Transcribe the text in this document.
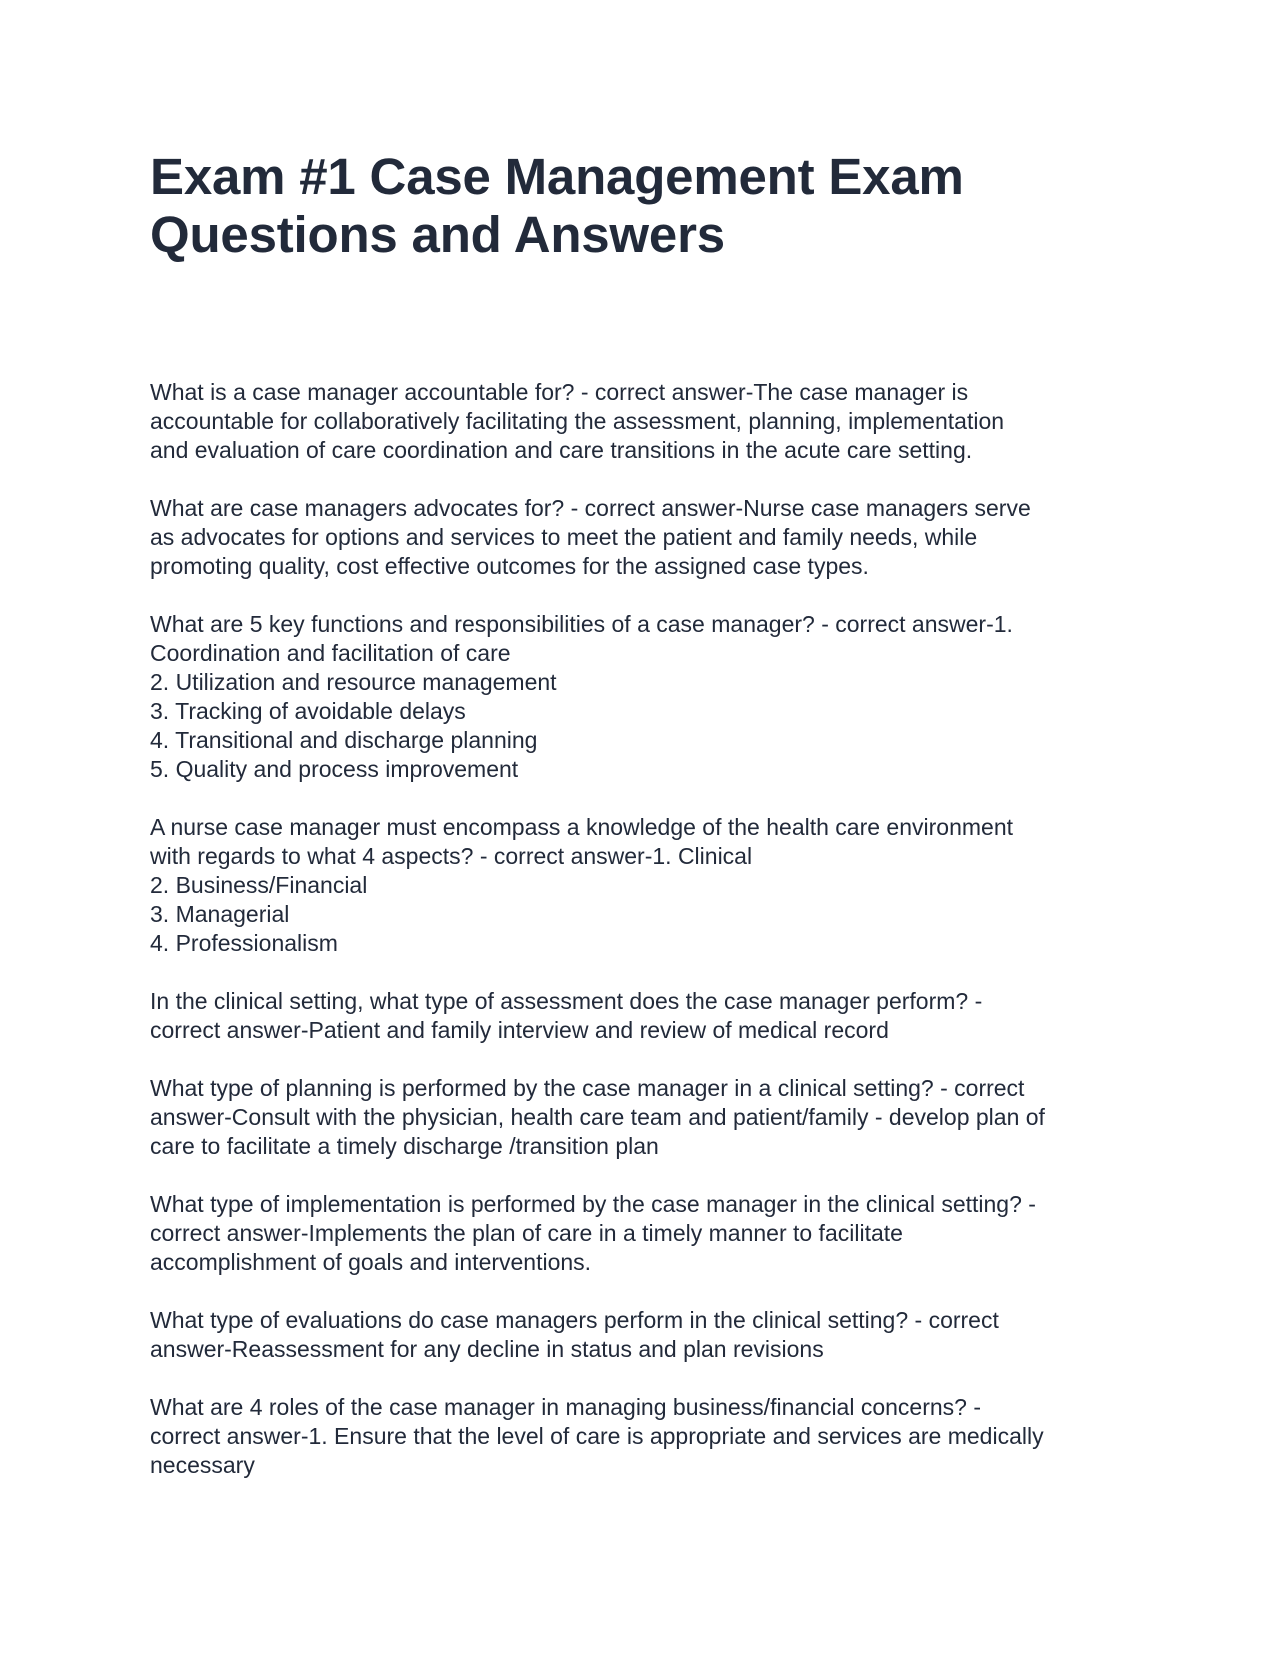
Exam #1 Case Management Exam
Questions and Answers

What is a case manager accountable for? - correct answer-The case manager is
accountable for collaboratively facilitating the assessment, planning, implementation
and evaluation of care coordination and care transitions in the acute care setting.

What are case managers advocates for? - correct answer-Nurse case managers serve
as advocates for options and services to meet the patient and family needs, while
promoting quality, cost effective outcomes for the assigned case types.

What are 5 key functions and responsibilities of a case manager? - correct answer-1.
Coordination and facilitation of care
2. Utilization and resource management
3. Tracking of avoidable delays
4. Transitional and discharge planning
5. Quality and process improvement

A nurse case manager must encompass a knowledge of the health care environment
with regards to what 4 aspects? - correct answer-1. Clinical
2. Business/Financial
3. Managerial
4. Professionalism

In the clinical setting, what type of assessment does the case manager perform? -
correct answer-Patient and family interview and review of medical record

What type of planning is performed by the case manager in a clinical setting? - correct
answer-Consult with the physician, health care team and patient/family - develop plan of
care to facilitate a timely discharge /transition plan

What type of implementation is performed by the case manager in the clinical setting? -
correct answer-Implements the plan of care in a timely manner to facilitate
accomplishment of goals and interventions.

What type of evaluations do case managers perform in the clinical setting? - correct
answer-Reassessment for any decline in status and plan revisions

What are 4 roles of the case manager in managing business/financial concerns? -
correct answer-1. Ensure that the level of care is appropriate and services are medically
necessary
